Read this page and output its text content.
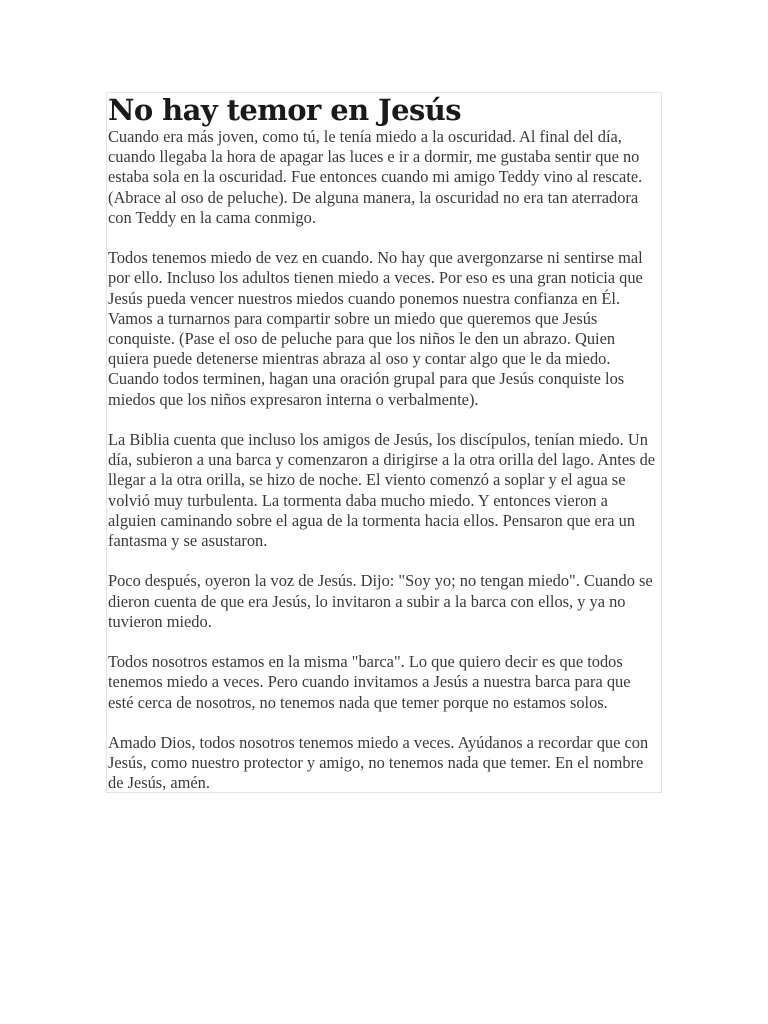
No hay temor en Jesús

Cuando era más joven, como tú, le tenía miedo a la oscuridad. Al final del día, cuando llegaba la hora de apagar las luces e ir a dormir, me gustaba sentir que no estaba sola en la oscuridad. Fue entonces cuando mi amigo Teddy vino al rescate. (Abrace al oso de peluche). De alguna manera, la oscuridad no era tan aterradora con Teddy en la cama conmigo.

Todos tenemos miedo de vez en cuando. No hay que avergonzarse ni sentirse mal por ello. Incluso los adultos tienen miedo a veces. Por eso es una gran noticia que Jesús pueda vencer nuestros miedos cuando ponemos nuestra confianza en Él. Vamos a turnarnos para compartir sobre un miedo que queremos que Jesús conquiste. (Pase el oso de peluche para que los niños le den un abrazo. Quien quiera puede detenerse mientras abraza al oso y contar algo que le da miedo. Cuando todos terminen, hagan una oración grupal para que Jesús conquiste los miedos que los niños expresaron interna o verbalmente).

La Biblia cuenta que incluso los amigos de Jesús, los discípulos, tenían miedo. Un día, subieron a una barca y comenzaron a dirigirse a la otra orilla del lago. Antes de llegar a la otra orilla, se hizo de noche. El viento comenzó a soplar y el agua se volvió muy turbulenta. La tormenta daba mucho miedo. Y entonces vieron a alguien caminando sobre el agua de la tormenta hacia ellos. Pensaron que era un fantasma y se asustaron.

Poco después, oyeron la voz de Jesús. Dijo: "Soy yo; no tengan miedo". Cuando se dieron cuenta de que era Jesús, lo invitaron a subir a la barca con ellos, y ya no tuvieron miedo.

Todos nosotros estamos en la misma "barca". Lo que quiero decir es que todos tenemos miedo a veces. Pero cuando invitamos a Jesús a nuestra barca para que esté cerca de nosotros, no tenemos nada que temer porque no estamos solos.

Amado Dios, todos nosotros tenemos miedo a veces. Ayúdanos a recordar que con Jesús, como nuestro protector y amigo, no tenemos nada que temer. En el nombre de Jesús, amén.
